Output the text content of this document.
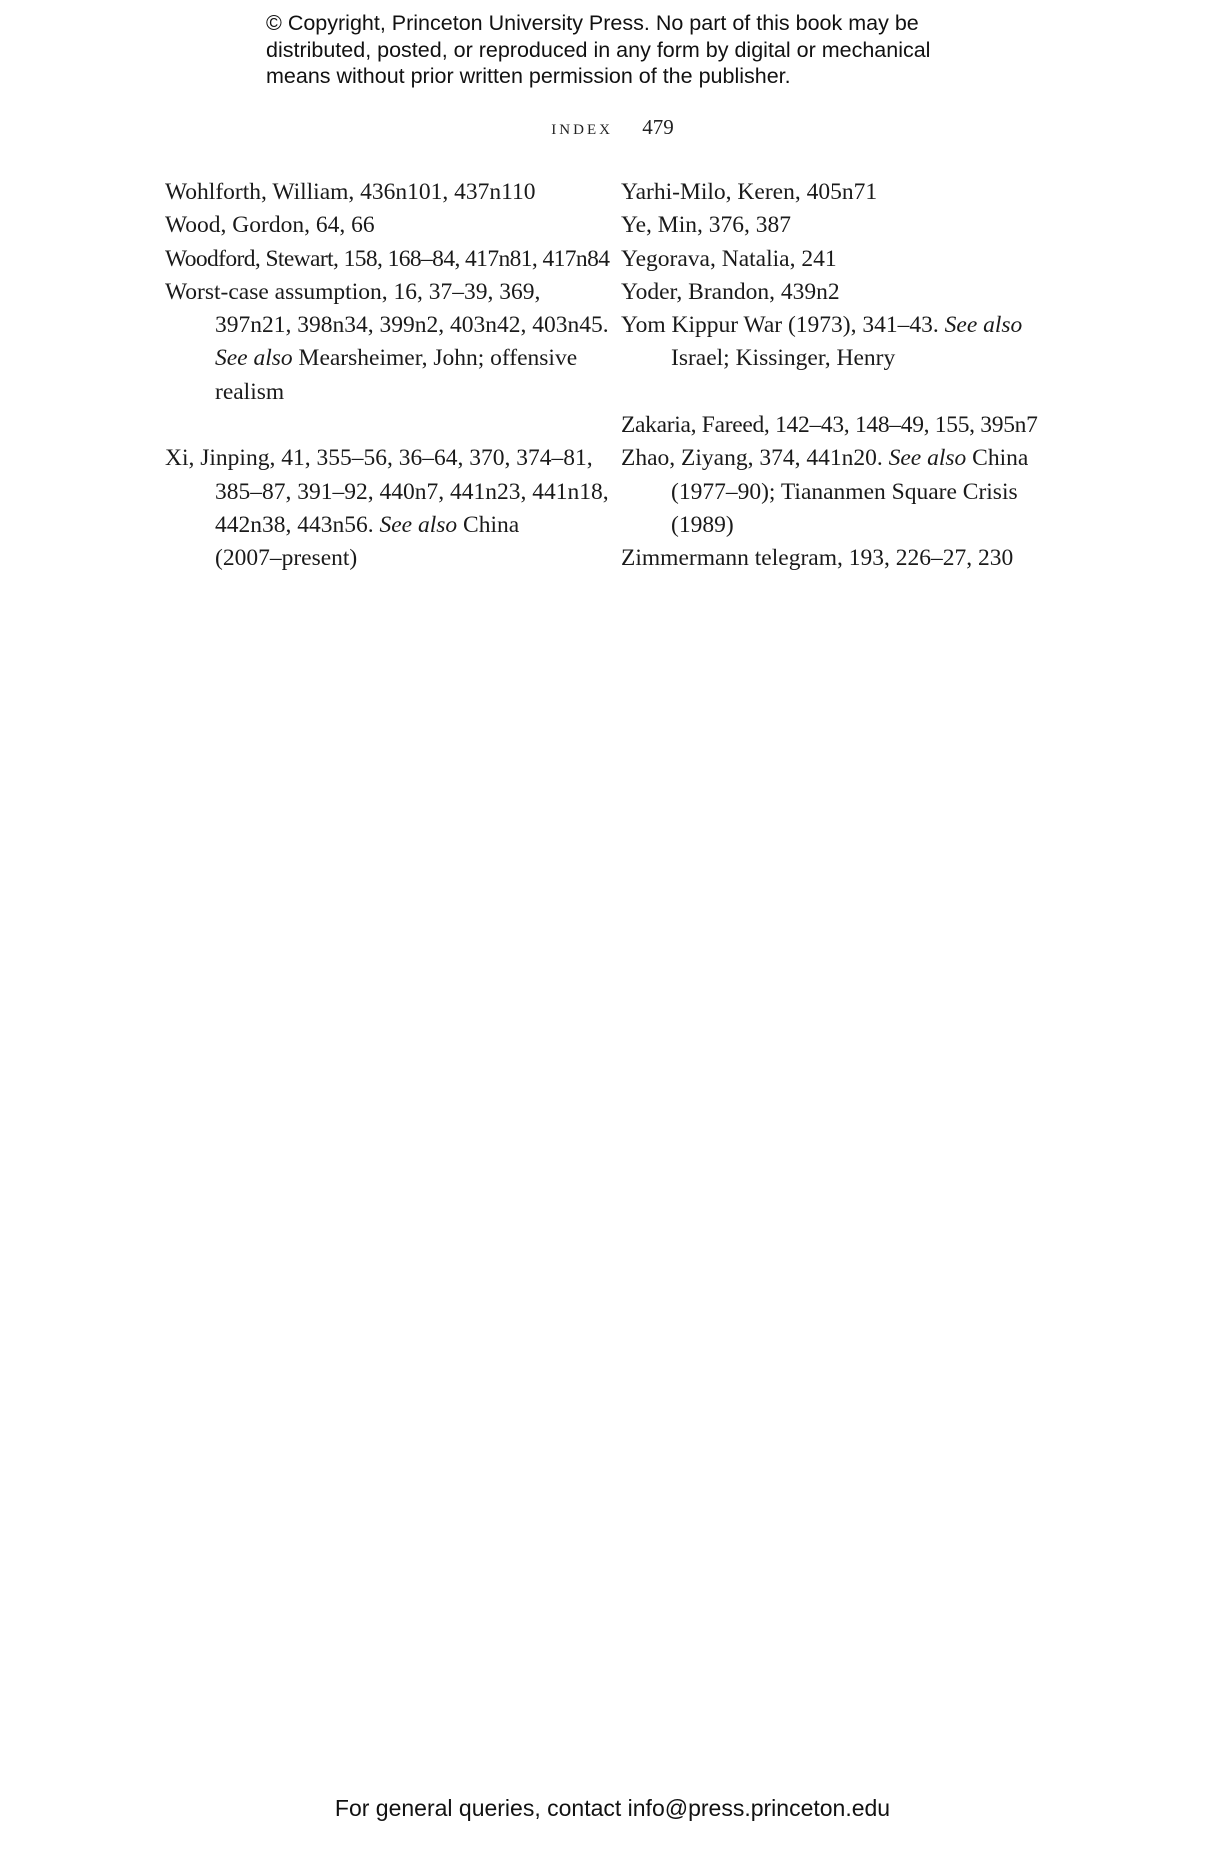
© Copyright, Princeton University Press. No part of this book may be
distributed, posted, or reproduced in any form by digital or mechanical
means without prior written permission of the publisher.
index 479
Wohlforth, William, 436n101, 437n110
Wood, Gordon, 64, 66
Woodford, Stewart, 158, 168–84, 417n81, 417n84
Worst-case assumption, 16, 37–39, 369,
397n21, 398n34, 399n2, 403n42, 403n45.
See also Mearsheimer, John; offensive
realism
Xi, Jinping, 41, 355–56, 36–64, 370, 374–81,
385–87, 391–92, 440n7, 441n23, 441n18,
442n38, 443n56. See also China
(2007–present)
Yarhi-Milo, Keren, 405n71
Ye, Min, 376, 387
Yegorava, Natalia, 241
Yoder, Brandon, 439n2
Yom Kippur War (1973), 341–43. See also
Israel; Kissinger, Henry
Zakaria, Fareed, 142–43, 148–49, 155, 395n7
Zhao, Ziyang, 374, 441n20. See also China
(1977–90); Tiananmen Square Crisis
(1989)
Zimmermann telegram, 193, 226–27, 230
For general queries, contact info@press.princeton.edu
